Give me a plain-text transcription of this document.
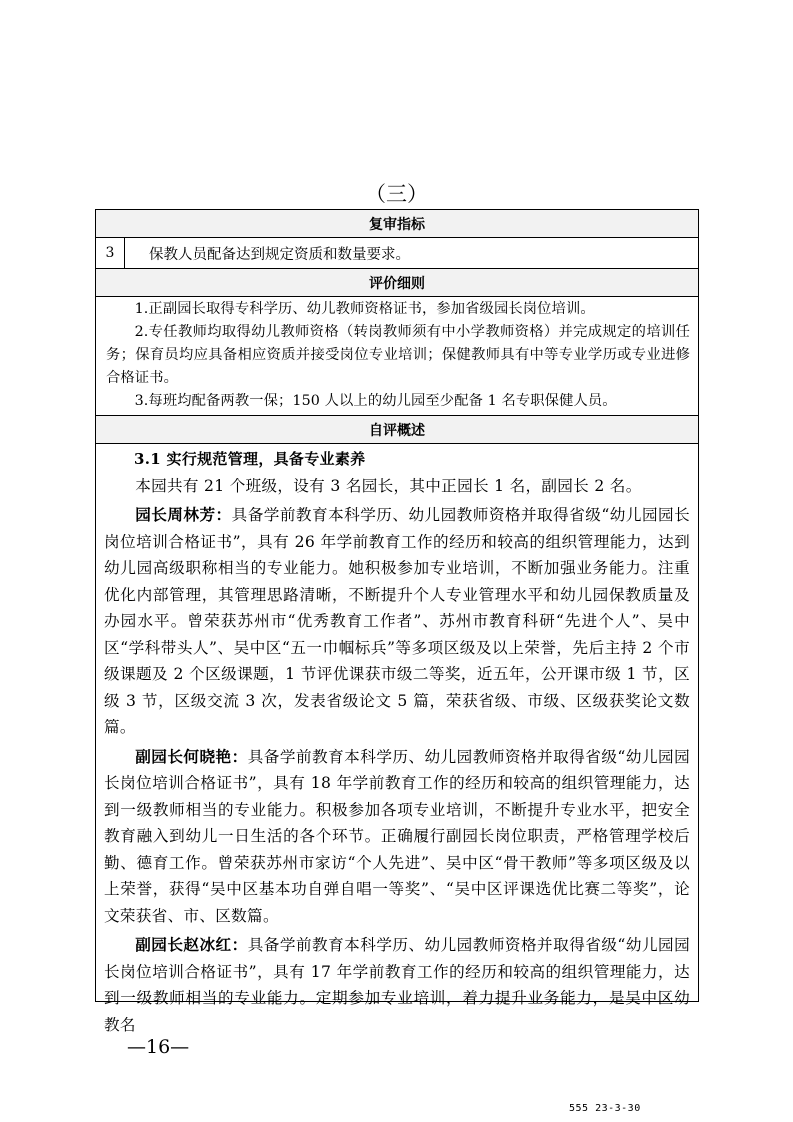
（三）
复审指标
3	保教人员配备达到规定资质和数量要求。
评价细则

1.正副园长取得专科学历、幼儿教师资格证书，参加省级园长岗位培训。

2.专任教师均取得幼儿教师资格（转岗教师须有中小学教师资格）并完成规定的培训任务；保育员均应具备相应资质并接受岗位专业培训；保健教师具有中等专业学历或专业进修合格证书。

3.每班均配备两教一保；150 人以上的幼儿园至少配备 1 名专职保健人员。

自评概述

3.1 实行规范管理，具备专业素养

本园共有 21 个班级，设有 3 名园长，其中正园长 1 名，副园长 2 名。

园长周林芳：具备学前教育本科学历、幼儿园教师资格并取得省级“幼儿园园长岗位培训合格证书”，具有 26 年学前教育工作的经历和较高的组织管理能力，达到幼儿园高级职称相当的专业能力。她积极参加专业培训，不断加强业务能力。注重优化内部管理，其管理思路清晰，不断提升个人专业管理水平和幼儿园保教质量及办园水平。曾荣获苏州市“优秀教育工作者”、苏州市教育科研“先进个人”、吴中区“学科带头人”、吴中区“五一巾帼标兵”等多项区级及以上荣誉，先后主持 2 个市级课题及 2 个区级课题，1 节评优课获市级二等奖，近五年，公开课市级 1 节，区级 3 节，区级交流 3 次，发表省级论文 5 篇，荣获省级、市级、区级获奖论文数篇。

副园长何晓艳：具备学前教育本科学历、幼儿园教师资格并取得省级“幼儿园园长岗位培训合格证书”，具有 18 年学前教育工作的经历和较高的组织管理能力，达到一级教师相当的专业能力。积极参加各项专业培训，不断提升专业水平，把安全教育融入到幼儿一日生活的各个环节。正确履行副园长岗位职责，严格管理学校后勤、德育工作。曾荣获苏州市家访“个人先进”、吴中区“骨干教师”等多项区级及以上荣誉，获得“吴中区基本功自弹自唱一等奖”、“吴中区评课选优比赛二等奖”，论文荣获省、市、区数篇。

副园长赵冰红：具备学前教育本科学历、幼儿园教师资格并取得省级“幼儿园园长岗位培训合格证书”，具有 17 年学前教育工作的经历和较高的组织管理能力，达到一级教师相当的专业能力。定期参加专业培训，着力提升业务能力，是吴中区幼教名

—16—
555 23-3-30
